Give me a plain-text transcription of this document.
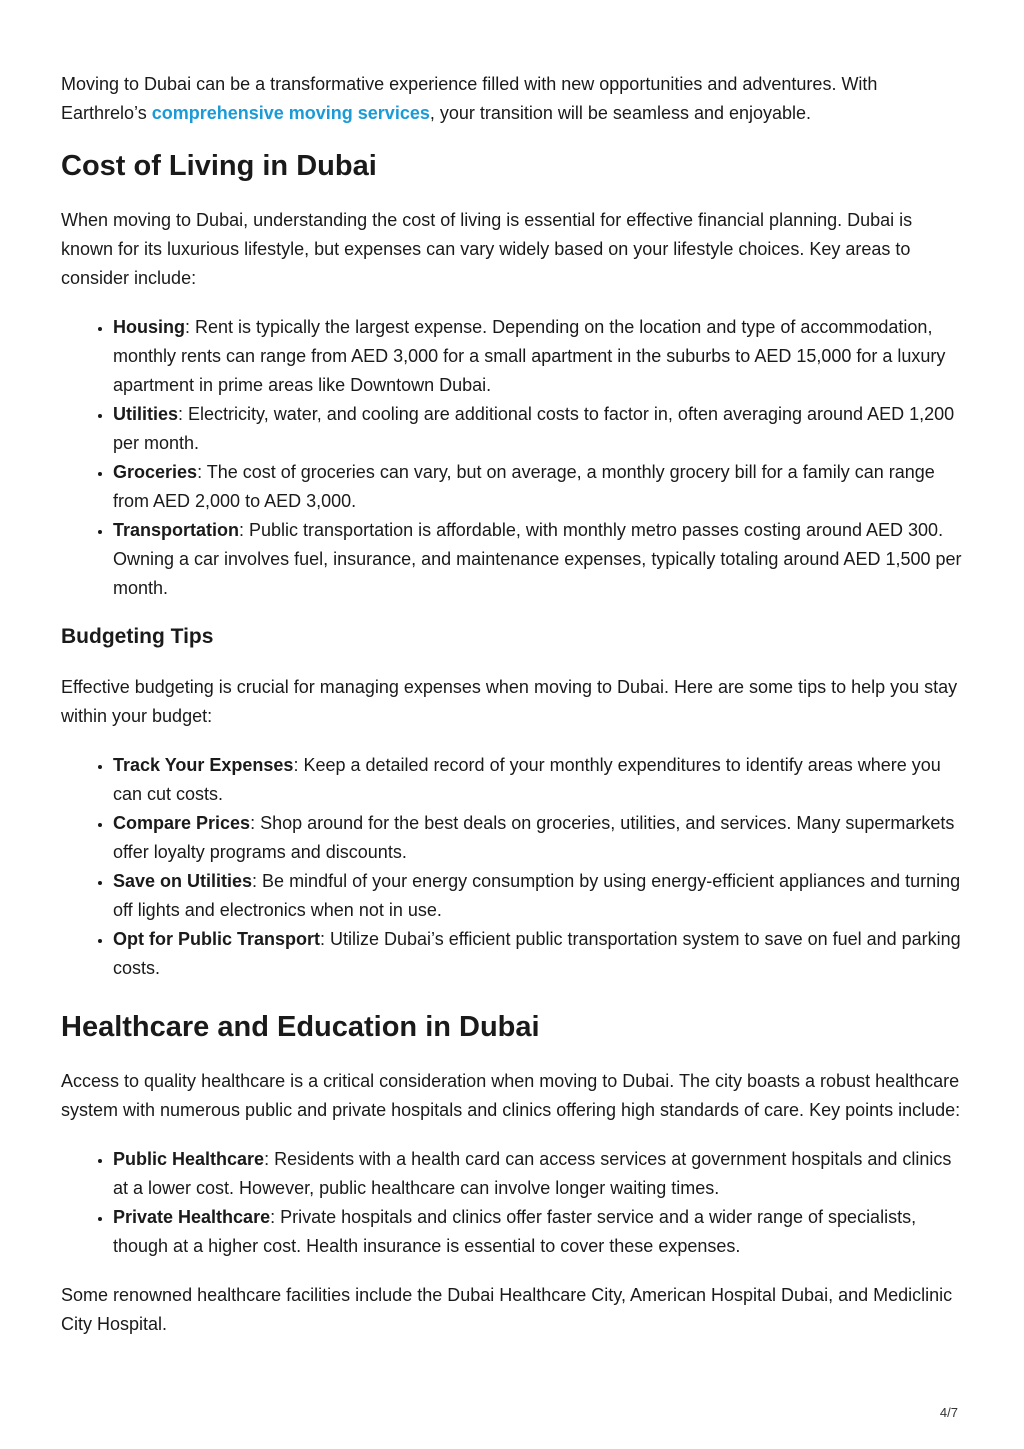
Moving to Dubai can be a transformative experience filled with new opportunities and adventures. With Earthrelo’s comprehensive moving services, your transition will be seamless and enjoyable.

Cost of Living in Dubai

When moving to Dubai, understanding the cost of living is essential for effective financial planning. Dubai is known for its luxurious lifestyle, but expenses can vary widely based on your lifestyle choices. Key areas to consider include:

• Housing: Rent is typically the largest expense. Depending on the location and type of accommodation, monthly rents can range from AED 3,000 for a small apartment in the suburbs to AED 15,000 for a luxury apartment in prime areas like Downtown Dubai.
• Utilities: Electricity, water, and cooling are additional costs to factor in, often averaging around AED 1,200 per month.
• Groceries: The cost of groceries can vary, but on average, a monthly grocery bill for a family can range from AED 2,000 to AED 3,000.
• Transportation: Public transportation is affordable, with monthly metro passes costing around AED 300. Owning a car involves fuel, insurance, and maintenance expenses, typically totaling around AED 1,500 per month.
Budgeting Tips

Effective budgeting is crucial for managing expenses when moving to Dubai. Here are some tips to help you stay within your budget:

• Track Your Expenses: Keep a detailed record of your monthly expenditures to identify areas where you can cut costs.
• Compare Prices: Shop around for the best deals on groceries, utilities, and services. Many supermarkets offer loyalty programs and discounts.
• Save on Utilities: Be mindful of your energy consumption by using energy-efficient appliances and turning off lights and electronics when not in use.
• Opt for Public Transport: Utilize Dubai’s efficient public transportation system to save on fuel and parking costs.
Healthcare and Education in Dubai

Access to quality healthcare is a critical consideration when moving to Dubai. The city boasts a robust healthcare system with numerous public and private hospitals and clinics offering high standards of care. Key points include:

• Public Healthcare: Residents with a health card can access services at government hospitals and clinics at a lower cost. However, public healthcare can involve longer waiting times.
• Private Healthcare: Private hospitals and clinics offer faster service and a wider range of specialists, though at a higher cost. Health insurance is essential to cover these expenses.

Some renowned healthcare facilities include the Dubai Healthcare City, American Hospital Dubai, and Mediclinic City Hospital.

4/7
